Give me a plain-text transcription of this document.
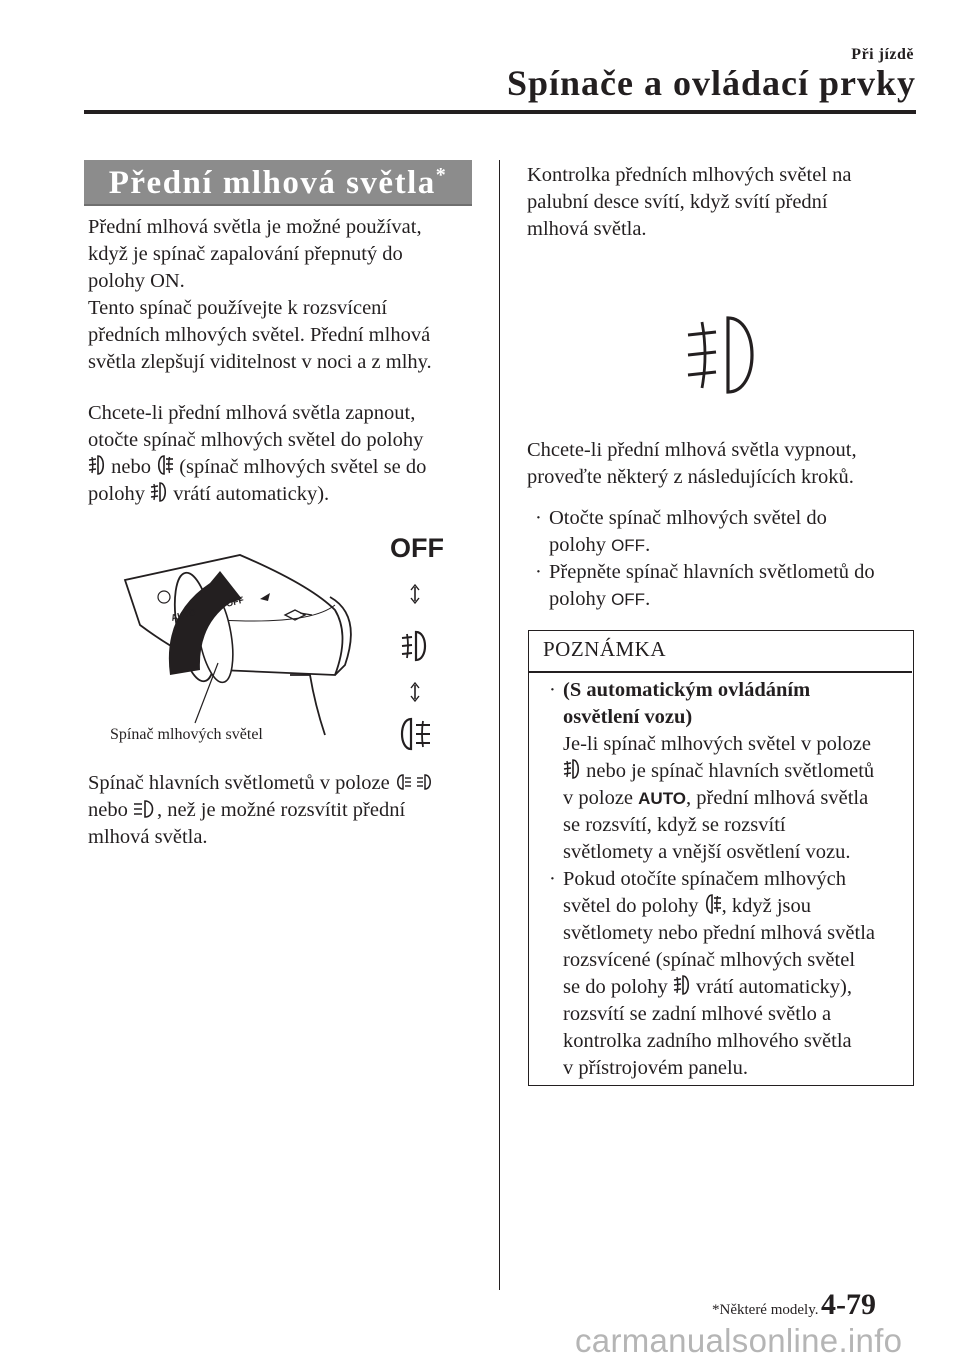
Při jízdě
Spínače a ovládací prvky
Přední mlhová světla*

Přední mlhová světla je možné používat,

když je spínač zapalování přepnutý do

polohy ON.

Tento spínač používejte k rozsvícení

předních mlhových světel. Přední mlhová

světla zlepšují viditelnost v noci a z mlhy.

Chcete-li přední mlhová světla zapnout,

otočte spínač mlhových světel do polohy

nebo  (spínač mlhových světel se do

polohy  vrátí automaticky).

AUTO
OFF
OFF
Spínač mlhových světel

Spínač hlavních světlometů v poloze

nebo , než je možné rozsvítit přední

mlhová světla.

Kontrolka předních mlhových světel na

palubní desce svítí, když svítí přední

mlhová světla.

Chcete-li přední mlhová světla vypnout,

proveďte některý z následujících kroků.

· Otočte spínač mlhových světel do
polohy OFF.
· Přepněte spínač hlavních světlometů do
polohy OFF.
POZNÁMKA
· (S automatickým ovládáním
osvětlení vozu)
Je-li spínač mlhových světel v poloze
nebo je spínač hlavních světlometů
v poloze AUTO, přední mlhová světla
se rozsvítí, když se rozsvítí
světlomety a vnější osvětlení vozu.
· Pokud otočíte spínačem mlhových
světel do polohy , když jsou
světlomety nebo přední mlhová světla
rozsvícené (spínač mlhových světel
se do polohy  vrátí automaticky),
rozsvítí se zadní mlhové světlo a
kontrolka zadního mlhového světla
v přístrojovém panelu.
*Některé modely. 4-79
carmanualsonline.info
